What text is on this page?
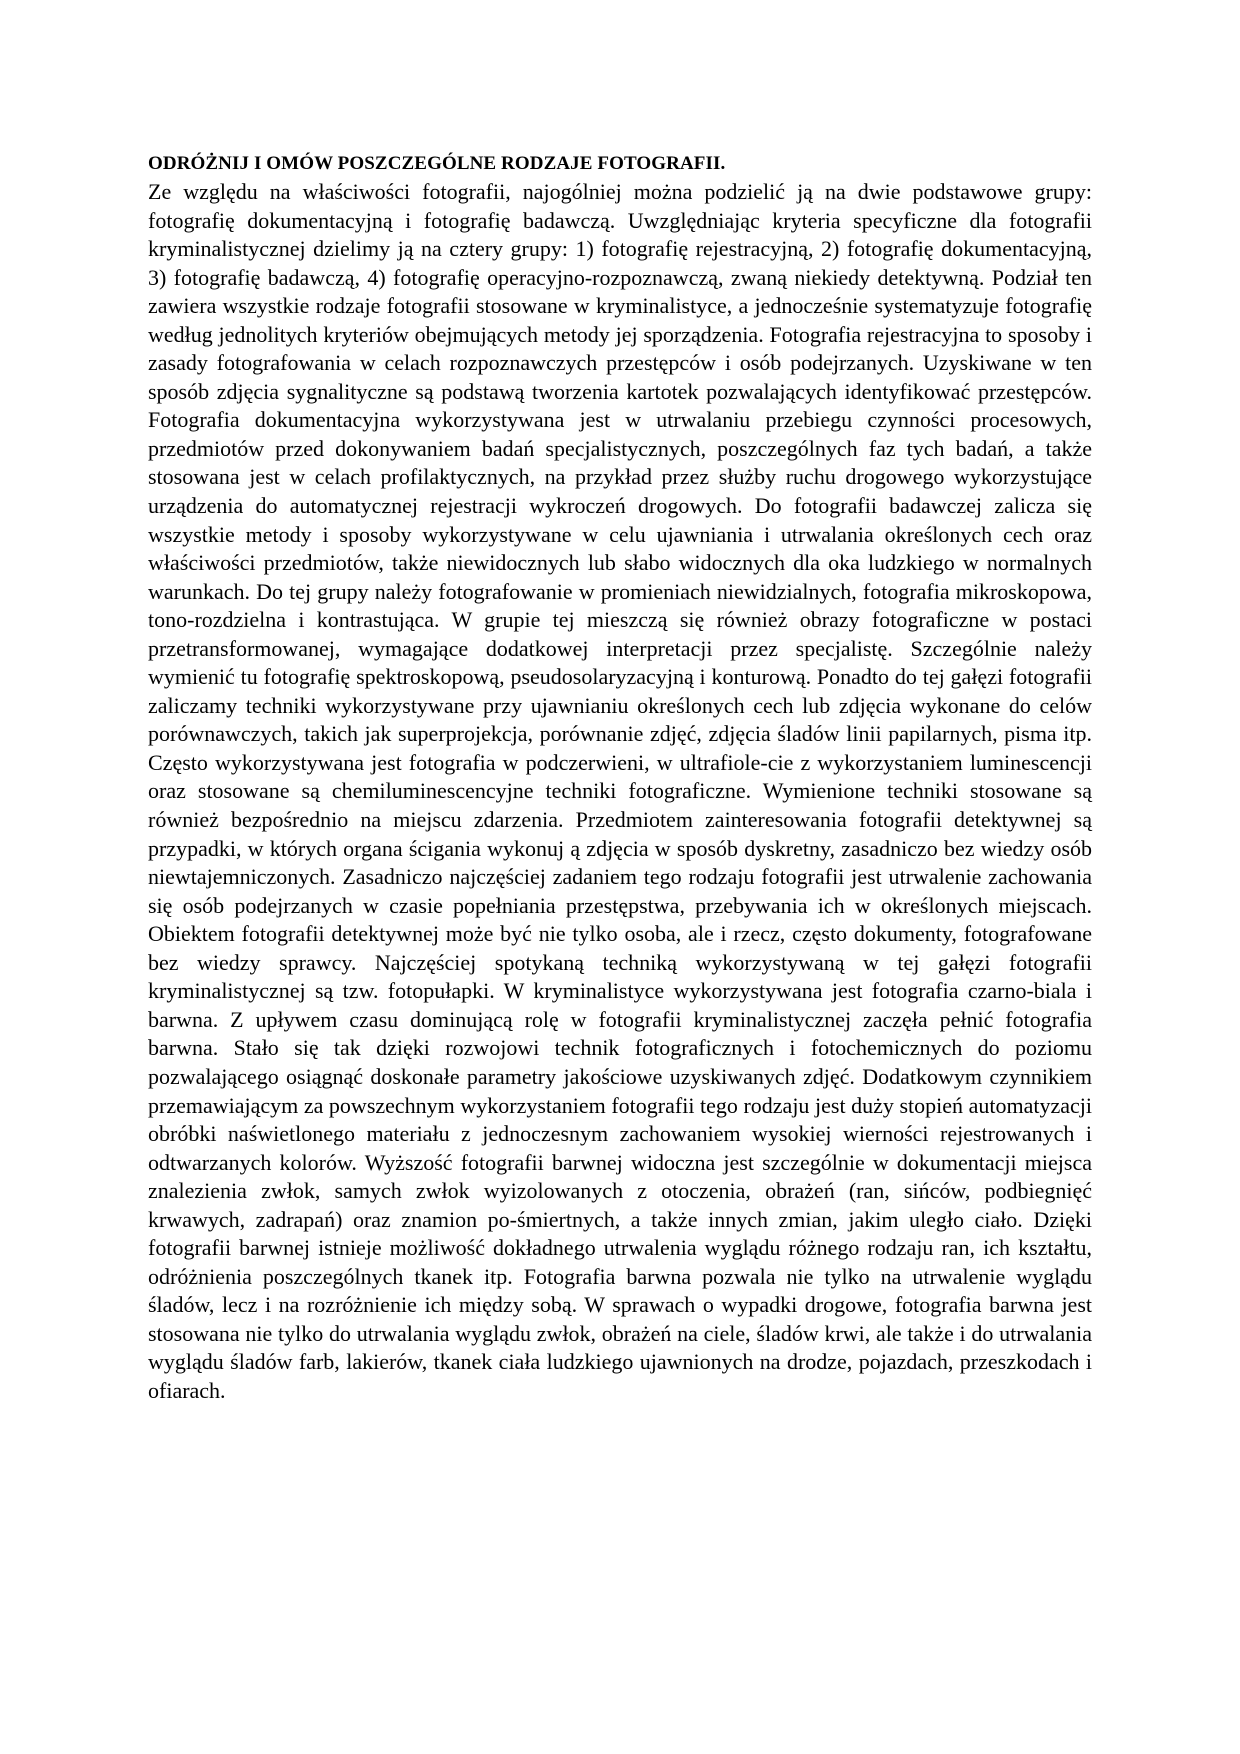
ODRÓŻNIJ I OMÓW POSZCZEGÓLNE RODZAJE FOTOGRAFII.

Ze względu na właściwości fotografii, najogólniej można podzielić ją na dwie podstawowe grupy: fotografię dokumentacyjną i fotografię badawczą. Uwzględniając kryteria specyficzne dla fotografii kryminalistycznej dzielimy ją na cztery grupy: 1) fotografię rejestracyjną, 2) fotografię dokumentacyjną, 3) fotografię badawczą, 4) fotografię operacyjno-rozpoznawczą, zwaną niekiedy detektywną. Podział ten zawiera wszystkie rodzaje fotografii stosowane w kryminalistyce, a jednocześnie systematyzuje fotografię według jednolitych kryteriów obejmujących metody jej sporządzenia. Fotografia rejestracyjna to sposoby i zasady fotografowania w celach rozpoznawczych przestępców i osób podejrzanych. Uzyskiwane w ten sposób zdjęcia sygnalityczne są podstawą tworzenia kartotek pozwalających identyfikować przestępców. Fotografia dokumentacyjna wykorzystywana jest w utrwalaniu przebiegu czynności procesowych, przedmiotów przed dokonywaniem badań specjalistycznych, poszczególnych faz tych badań, a także stosowana jest w celach profilaktycznych, na przykład przez służby ruchu drogowego wykorzystujące urządzenia do automatycznej rejestracji wykroczeń drogowych. Do fotografii badawczej zalicza się wszystkie metody i sposoby wykorzystywane w celu ujawniania i utrwalania określonych cech oraz właściwości przedmiotów, także niewidocznych lub słabo widocznych dla oka ludzkiego w normalnych warunkach. Do tej grupy należy fotografowanie w promieniach niewidzialnych, fotografia mikroskopowa, tono-rozdzielna i kontrastująca. W grupie tej mieszczą się również obrazy fotograficzne w postaci przetransformowanej, wymagające dodatkowej interpretacji przez specjalistę. Szczególnie należy wymienić tu fotografię spektroskopową, pseudosolaryzacyjną i konturową. Ponadto do tej gałęzi fotografii zaliczamy techniki wykorzystywane przy ujawnianiu określonych cech lub zdjęcia wykonane do celów porównawczych, takich jak superprojekcja, porównanie zdjęć, zdjęcia śladów linii papilarnych, pisma itp. Często wykorzystywana jest fotografia w podczerwieni, w ultrafiole-cie z wykorzystaniem luminescencji oraz stosowane są chemiluminescencyjne techniki fotograficzne. Wymienione techniki stosowane są również bezpośrednio na miejscu zdarzenia. Przedmiotem zainteresowania fotografii detektywnej są przypadki, w których organa ścigania wykonuj ą zdjęcia w sposób dyskretny, zasadniczo bez wiedzy osób niewtajemniczonych. Zasadniczo najczęściej zadaniem tego rodzaju fotografii jest utrwalenie zachowania się osób podejrzanych w czasie popełniania przestępstwa, przebywania ich w określonych miejscach. Obiektem fotografii detektywnej może być nie tylko osoba, ale i rzecz, często dokumenty, fotografowane bez wiedzy sprawcy. Najczęściej spotykaną techniką wykorzystywaną w tej gałęzi fotografii kryminalistycznej są tzw. fotopułapki. W kryminalistyce wykorzystywana jest fotografia czarno-biala i barwna. Z upływem czasu dominującą rolę w fotografii kryminalistycznej zaczęła pełnić fotografia barwna. Stało się tak dzięki rozwojowi technik fotograficznych i fotochemicznych do poziomu pozwalającego osiągnąć doskonałe parametry jakościowe uzyskiwanych zdjęć. Dodatkowym czynnikiem przemawiającym za powszechnym wykorzystaniem fotografii tego rodzaju jest duży stopień automatyzacji obróbki naświetlonego materiału z jednoczesnym zachowaniem wysokiej wierności rejestrowanych i odtwarzanych kolorów. Wyższość fotografii barwnej widoczna jest szczególnie w dokumentacji miejsca znalezienia zwłok, samych zwłok wyizolowanych z otoczenia, obrażeń (ran, sińców, podbiegnięć krwawych, zadrapań) oraz znamion po-śmiertnych, a także innych zmian, jakim uległo ciało. Dzięki fotografii barwnej istnieje możliwość dokładnego utrwalenia wyglądu różnego rodzaju ran, ich kształtu, odróżnienia poszczególnych tkanek itp. Fotografia barwna pozwala nie tylko na utrwalenie wyglądu śladów, lecz i na rozróżnienie ich między sobą. W sprawach o wypadki drogowe, fotografia barwna jest stosowana nie tylko do utrwalania wyglądu zwłok, obrażeń na ciele, śladów krwi, ale także i do utrwalania wyglądu śladów farb, lakierów, tkanek ciała ludzkiego ujawnionych na drodze, pojazdach, przeszkodach i ofiarach.
